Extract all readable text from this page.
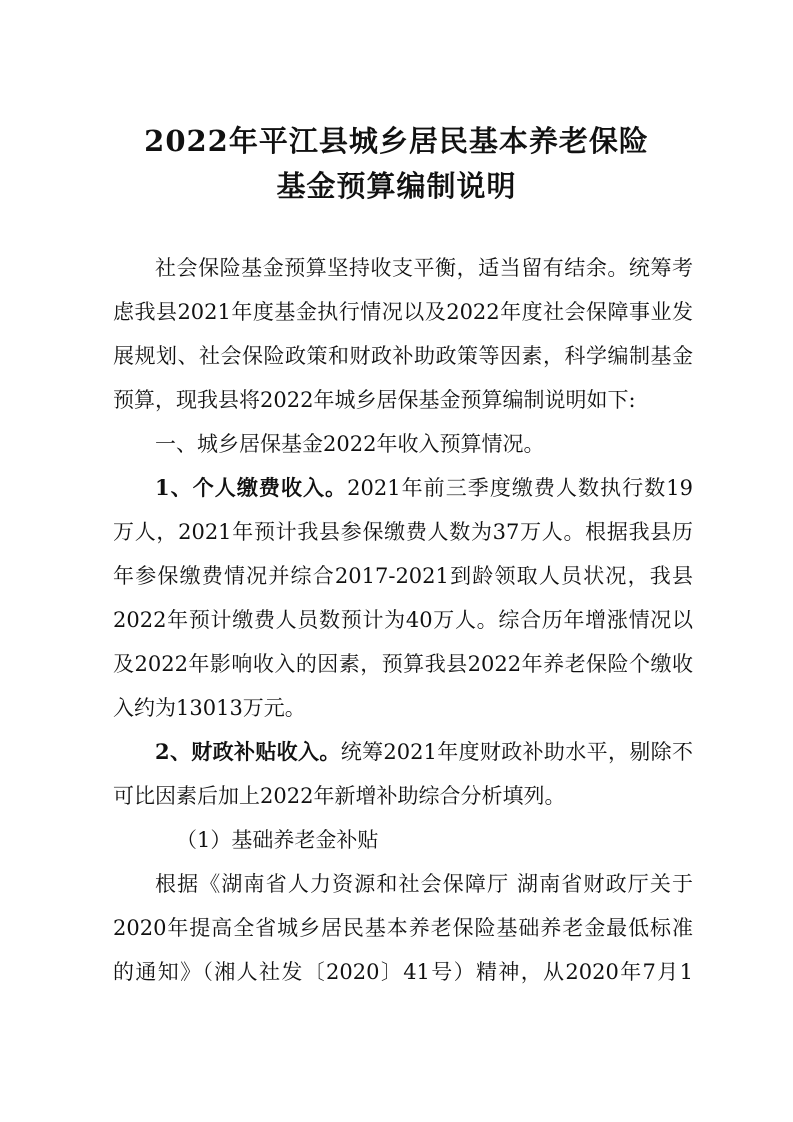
2022年平江县城乡居民基本养老保险
基金预算编制说明
社会保险基金预算坚持收支平衡，适当留有结余。统筹考
虑我县2021年度基金执行情况以及2022年度社会保障事业发
展规划、社会保险政策和财政补助政策等因素，科学编制基金
预算，现我县将2022年城乡居保基金预算编制说明如下:
一、城乡居保基金2022年收入预算情况。
1、个人缴费收入。2021年前三季度缴费人数执行数19
万人，2021年预计我县参保缴费人数为37万人。根据我县历
年参保缴费情况并综合2017-2021到龄领取人员状况，我县
2022年预计缴费人员数预计为40万人。综合历年增涨情况以
及2022年影响收入的因素，预算我县2022年养老保险个缴收
入约为13013万元。
2、财政补贴收入。统筹2021年度财政补助水平，剔除不
可比因素后加上2022年新增补助综合分析填列。
（1）基础养老金补贴
根据《湖南省人力资源和社会保障厅 湖南省财政厅关于
2020年提高全省城乡居民基本养老保险基础养老金最低标准
的通知》（湘人社发〔2020〕41号）精神，从2020年7月1
